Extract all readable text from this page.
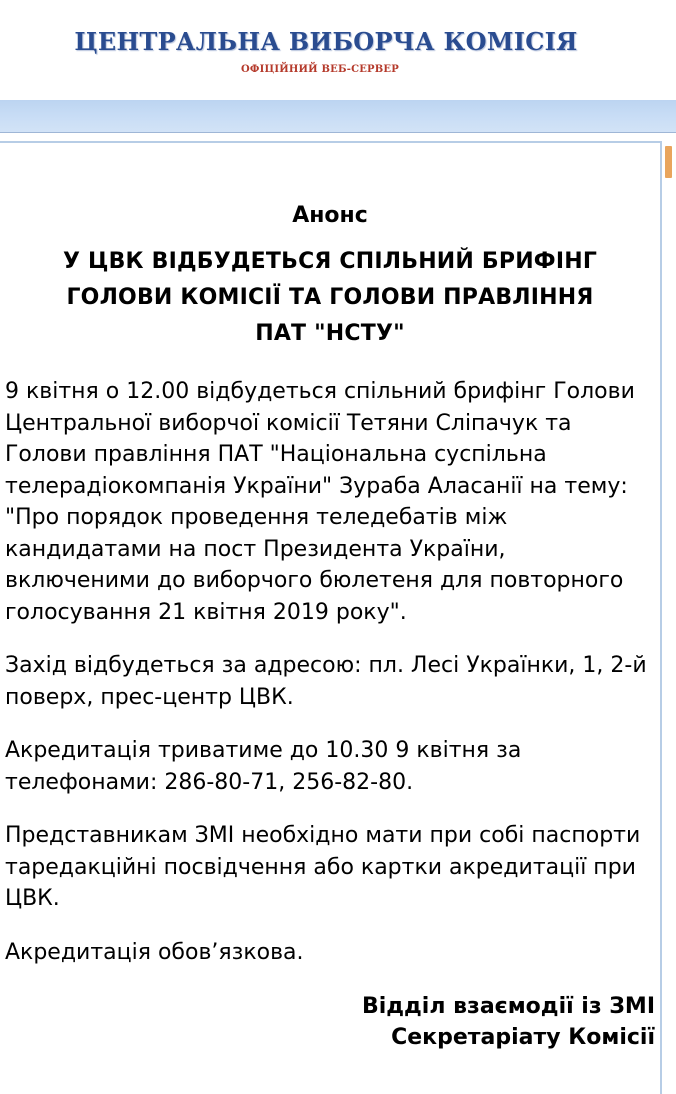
ЦЕНТРАЛЬНА ВИБОРЧА КОМІСІЯ
ОФІЦІЙНИЙ ВЕБ-СЕРВЕР
Анонс
У ЦВК ВІДБУДЕТЬСЯ СПІЛЬНИЙ БРИФІНГ
ГОЛОВИ КОМІСІЇ ТА ГОЛОВИ ПРАВЛІННЯ
ПАТ "НСТУ"

9 квітня о 12.00 відбудеться спільний брифінг Голови Центральної виборчої комісії Тетяни Сліпачук та Голови правління ПАТ "Національна суспільна телерадіокомпанія України" Зураба Аласанії на тему: "Про порядок проведення теледебатів між кандидатами на пост Президента України, включеними до виборчого бюлетеня для повторного голосування 21 квітня 2019 року".

Захід відбудеться за адресою: пл. Лесі Українки, 1, 2-й поверх, прес-центр ЦВК.

Акредитація триватиме до 10.30 9 квітня за телефонами: 286-80-71, 256-82-80.

Представникам ЗМІ необхідно мати при собі паспорти таредакційні посвідчення або картки акредитації при ЦВК.

Акредитація обов’язкова.

Відділ взаємодії із ЗМІ
Секретаріату Комісії
